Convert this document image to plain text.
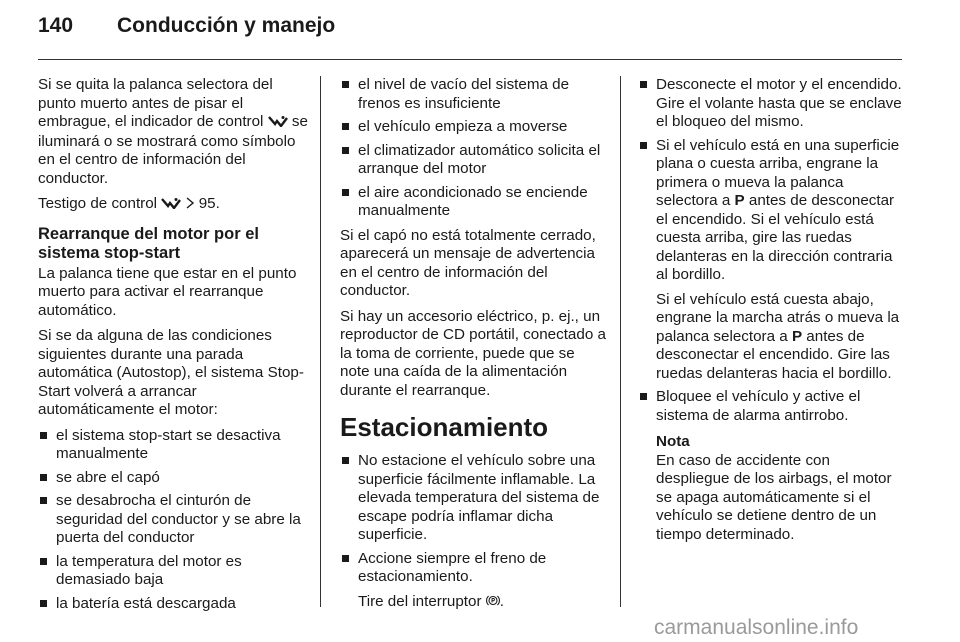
140 Conducción y manejo

Si se quita la palanca selectora del punto muerto antes de pisar el embrague, el indicador de control  se iluminará o se mostrará como símbolo en el centro de información del conductor.

Testigo de control   95.

Rearranque del motor por el sistema stop-start

La palanca tiene que estar en el punto muerto para activar el rearranque automático.

Si se da alguna de las condiciones siguientes durante una parada automática (Autostop), el sistema Stop-Start volverá a arrancar automáticamente el motor:

el sistema stop-start se desactiva manualmente
se abre el capó
se desabrocha el cinturón de seguridad del conductor y se abre la puerta del conductor
la temperatura del motor es demasiado baja
la batería está descargada
el nivel de vacío del sistema de frenos es insuficiente
el vehículo empieza a moverse
el climatizador automático solicita el arranque del motor
el aire acondicionado se enciende manualmente

Si el capó no está totalmente cerrado, aparecerá un mensaje de advertencia en el centro de información del conductor.

Si hay un accesorio eléctrico, p. ej., un reproductor de CD portátil, conectado a la toma de corriente, puede que se note una caída de la alimentación durante el rearranque.

Estacionamiento
No estacione el vehículo sobre una superficie fácilmente inflamable. La elevada temperatura del sistema de escape podría inflamar dicha superficie.
Accione siempre el freno de estacionamiento.

Tire del interruptor .

Desconecte el motor y el encendido. Gire el volante hasta que se enclave el bloqueo del mismo.
Si el vehículo está en una superficie plana o cuesta arriba, engrane la primera o mueva la palanca selectora a P antes de desconectar el encendido. Si el vehículo está cuesta arriba, gire las ruedas delanteras en la dirección contraria al bordillo.

Si el vehículo está cuesta abajo, engrane la marcha atrás o mueva la palanca selectora a P antes de desconectar el encendido. Gire las ruedas delanteras hacia el bordillo.

Bloquee el vehículo y active el sistema de alarma antirrobo.
Nota
En caso de accidente con despliegue de los airbags, el motor se apaga automáticamente si el vehículo se detiene dentro de un tiempo determinado.
carmanualsonline.info
